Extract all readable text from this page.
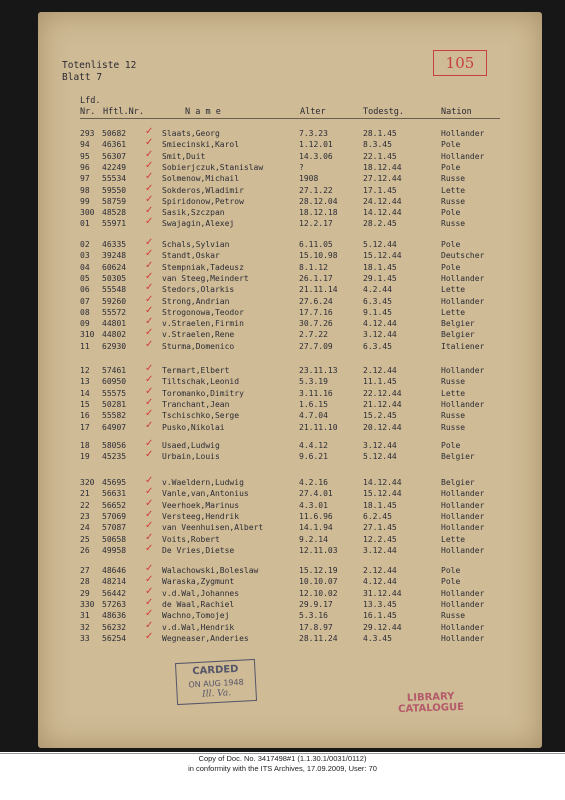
Totenliste 12
Blatt 7
105
Lfd.
Nr. Hftl.Nr.	N a m e	Alter	Todestg.	Nation
293 50682	Slaats,Georg	7.3.23	28.1.45	Hollander
✓
94 46361	Smiecinski,Karol	1.12.01	8.3.45	Pole
✓
95 56307	Smit,Duit	14.3.06	22.1.45	Hollander
✓
96 42249	Sobierjczuk,Stanislaw	?	18.12.44	Pole
✓
97 55534	Solmenow,Michail	1908	27.12.44	Russe
✓
98 59550	Sokderos,Wladimir	27.1.22	17.1.45	Lette
✓
99 58759	Spiridonow,Petrow	28.12.04	24.12.44	Russe
✓
300 48528	Sasik,Szczpan	18.12.18	14.12.44	Pole
✓
01 55971	Swajagin,Alexej	12.2.17	28.2.45	Russe
✓
02 46335	Schals,Sylvian	6.11.05	5.12.44	Pole
✓
03 39248	Standt,Oskar	15.10.98	15.12.44	Deutscher
✓
04 60624	Stempniak,Tadeusz	8.1.12	18.1.45	Pole
✓
05 50305	van Steeg,Meindert	26.1.17	29.1.45	Hollander
✓
06 55548	Stedors,Olarkis	21.11.14	4.2.44	Lette
✓
07 59260	Strong,Andrian	27.6.24	6.3.45	Hollander
✓
08 55572	Strogonowa,Teodor	17.7.16	9.1.45	Lette
✓
09 44801	v.Straelen,Firmin	30.7.26	4.12.44	Belgier
✓
310 44802	v.Straelen,Rene	2.7.22	3.12.44	Belgier
✓
11 62930	Sturma,Domenico	27.7.09	6.3.45	Italiener
✓
12 57461	Termart,Elbert	23.11.13	2.12.44	Hollander
✓
13 60950	Tiltschak,Leonid	5.3.19	11.1.45	Russe
✓
14 55575	Toromanko,Dimitry	3.11.16	22.12.44	Lette
✓
15 50281	Tranchant,Jean	1.6.15	21.12.44	Hollander
✓
16 55582	Tschischko,Serge	4.7.04	15.2.45	Russe
✓
17 64907	Pusko,Nikolai	21.11.10	20.12.44	Russe
✓
18 58056	Usaed,Ludwig	4.4.12	3.12.44	Pole
✓
19 45235	Urbain,Louis	9.6.21	5.12.44	Belgier
✓
320 45695	v.Waeldern,Ludwig	4.2.16	14.12.44	Belgier
✓
21 56631	Vanle,van,Antonius	27.4.01	15.12.44	Hollander
✓
22 56652	Veerhoek,Marinus	4.3.01	18.1.45	Hollander
✓
23 57069	Versteeg,Hendrik	11.6.96	6.2.45	Hollander
✓
24 57087	van Veenhuisen,Albert	14.1.94	27.1.45	Hollander
✓
25 50658	Voits,Robert	9.2.14	12.2.45	Lette
✓
26 49958	De Vries,Dietse	12.11.03	3.12.44	Hollander
✓
27 48646	Walachowski,Boleslaw	15.12.19	2.12.44	Pole
✓
28 48214	Waraska,Zygmunt	10.10.07	4.12.44	Pole
✓
29 56442	v.d.Wal,Johannes	12.10.02	31.12.44	Hollander
✓
330 57263	de Waal,Rachiel	29.9.17	13.3.45	Hollander
✓
31 48636	Wachno,Tomojej	5.3.16	16.1.45	Russe
✓
32 56232	v.d.Wal,Hendrik	17.8.97	29.12.44	Hollander
✓
33 56254	Wegneaser,Anderies	28.11.24	4.3.45	Hollander
✓
CARDED
ON AUG 1948
Ill. Va.	LIBRARY
CATALOGUE
Copy of Doc. No. 3417498#1 (1.1.30.1/0031/0112)
in conformity with the ITS Archives, 17.09.2009, User: 70
